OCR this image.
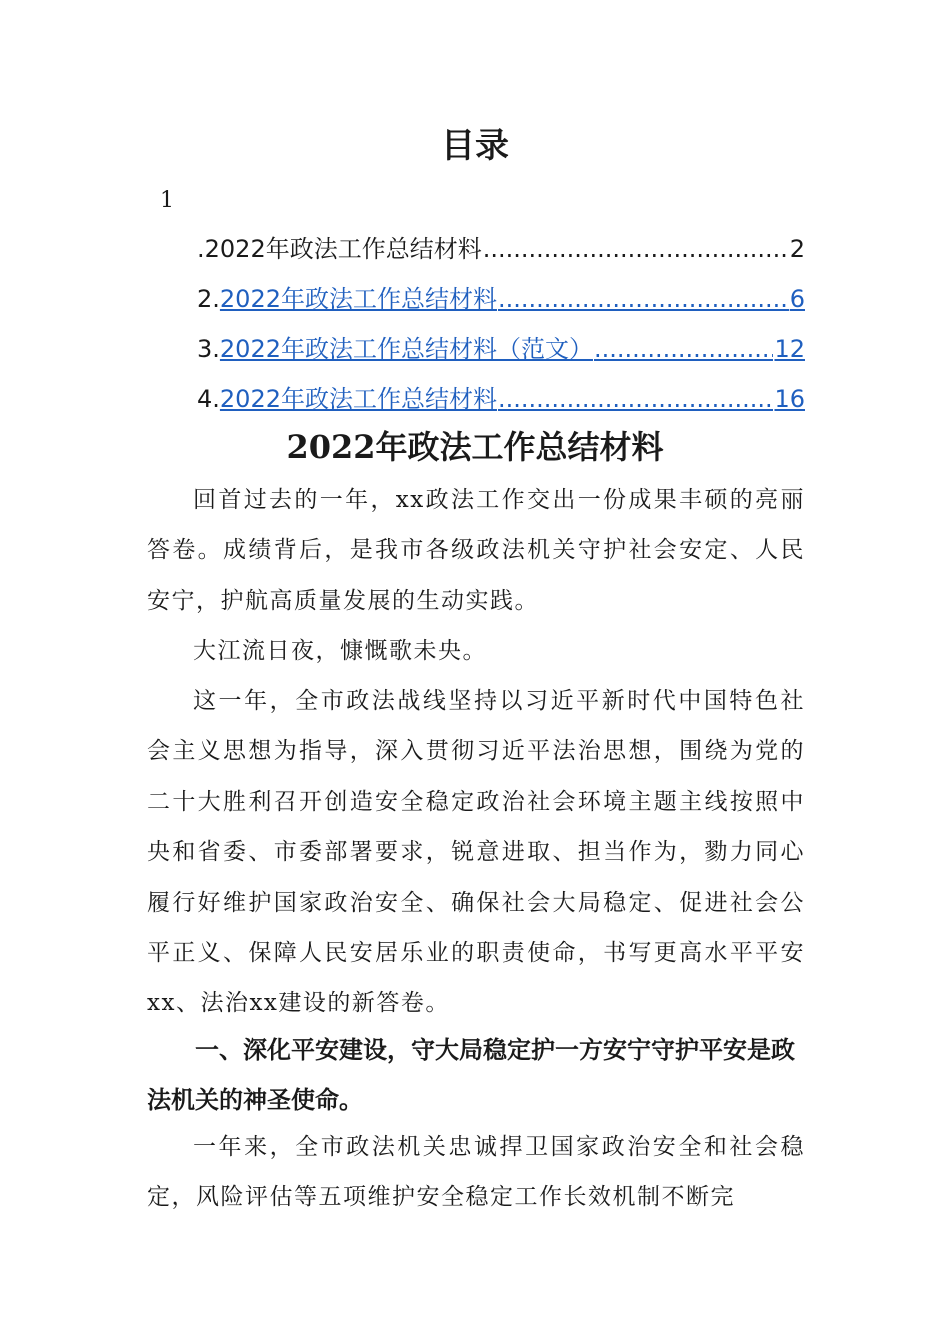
目录
1
.2022年政法工作总结材料 .....	2
2.2022年政法工作总结材料 .....	6
3.2022年政法工作总结材料（范文） .....	12
4.2022年政法工作总结材料 .....	16
2022年政法工作总结材料

回首过去的一年，xx政法工作交出一份成果丰硕的亮丽答卷。成绩背后，是我市各级政法机关守护社会安定、人民安宁，护航高质量发展的生动实践。

大江流日夜，慷慨歌未央。

这一年，全市政法战线坚持以习近平新时代中国特色社会主义思想为指导，深入贯彻习近平法治思想，围绕为党的二十大胜利召开创造安全稳定政治社会环境主题主线按照中央和省委、市委部署要求，锐意进取、担当作为，勠力同心履行好维护国家政治安全、确保社会大局稳定、促进社会公平正义、保障人民安居乐业的职责使命，书写更高水平平安xx、法治xx建设的新答卷。

一、深化平安建设，守大局稳定护一方安宁守护平安是政法机关的神圣使命。

一年来，全市政法机关忠诚捍卫国家政治安全和社会稳定，风险评估等五项维护安全稳定工作长效机制不断完
